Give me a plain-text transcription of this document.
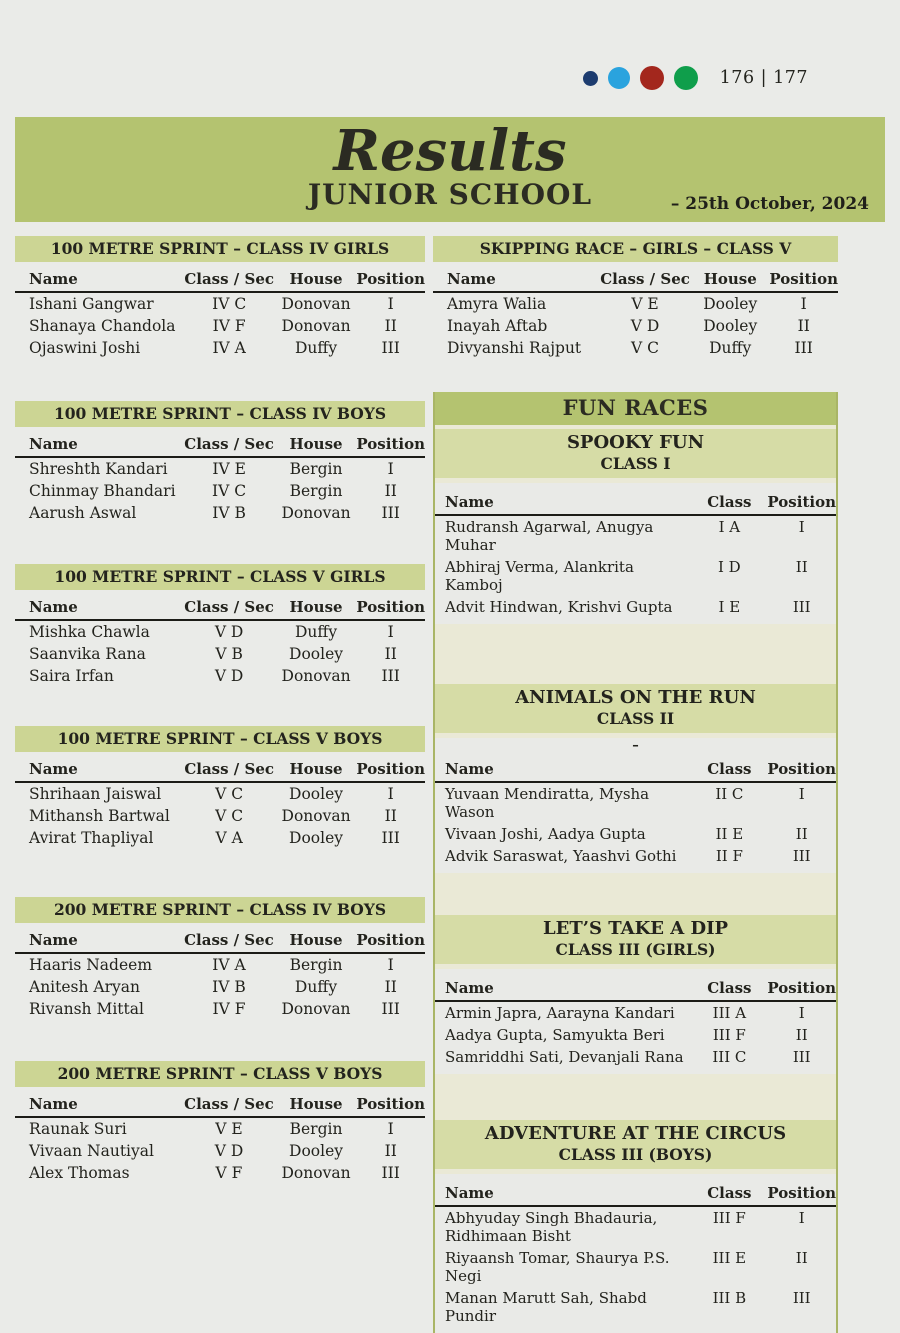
176 | 177
Results
JUNIOR SCHOOL	– 25th October, 2024
100 METRE SPRINT – CLASS IV GIRLS
Name	Class / Sec	House	Position
Ishani Gangwar	IV C	Donovan	I
Shanaya Chandola	IV F	Donovan	II
Ojaswini Joshi	IV A	Duffy	III
100 METRE SPRINT – CLASS IV BOYS
Name	Class / Sec	House	Position
Shreshth Kandari	IV E	Bergin	I
Chinmay Bhandari	IV C	Bergin	II
Aarush Aswal	IV B	Donovan	III
100 METRE SPRINT – CLASS V GIRLS
Name	Class / Sec	House	Position
Mishka Chawla	V D	Duffy	I
Saanvika Rana	V B	Dooley	II
Saira Irfan	V D	Donovan	III
100 METRE SPRINT – CLASS V BOYS
Name	Class / Sec	House	Position
Shrihaan Jaiswal	V C	Dooley	I
Mithansh Bartwal	V C	Donovan	II
Avirat Thapliyal	V A	Dooley	III
200 METRE SPRINT – CLASS IV BOYS
Name	Class / Sec	House	Position
Haaris Nadeem	IV A	Bergin	I
Anitesh Aryan	IV B	Duffy	II
Rivansh Mittal	IV F	Donovan	III
200 METRE SPRINT – CLASS V BOYS
Name	Class / Sec	House	Position
Raunak Suri	V E	Bergin	I
Vivaan Nautiyal	V D	Dooley	II
Alex Thomas	V F	Donovan	III
SKIPPING RACE – GIRLS – CLASS V
Name	Class / Sec	House	Position
Amyra Walia	V E	Dooley	I
Inayah Aftab	V D	Dooley	II
Divyanshi Rajput	V C	Duffy	III
FUN RACES
SPOOKY FUN
CLASS I
Name	Class	Position
Rudransh Agarwal, Anugya Muhar	I A	I
Abhiraj Verma, Alankrita Kamboj	I D	II
Advit Hindwan, Krishvi Gupta	I E	III
ANIMALS ON THE RUN
CLASS II
–
Name	Class	Position
Yuvaan Mendiratta, Mysha Wason	II C	I
Vivaan Joshi, Aadya Gupta	II E	II
Advik Saraswat, Yaashvi Gothi	II F	III
LET’S TAKE A DIP
CLASS III (GIRLS)
Name	Class	Position
Armin Japra, Aarayna Kandari	III A	I
Aadya Gupta, Samyukta Beri	III F	II
Samriddhi Sati, Devanjali Rana	III C	III
ADVENTURE AT THE CIRCUS
CLASS III (BOYS)
Name	Class	Position
Abhyuday Singh Bhadauria, Ridhimaan Bisht	III F	I
Riyaansh Tomar, Shaurya P.S. Negi	III E	II
Manan Marutt Sah, Shabd Pundir	III B	III
